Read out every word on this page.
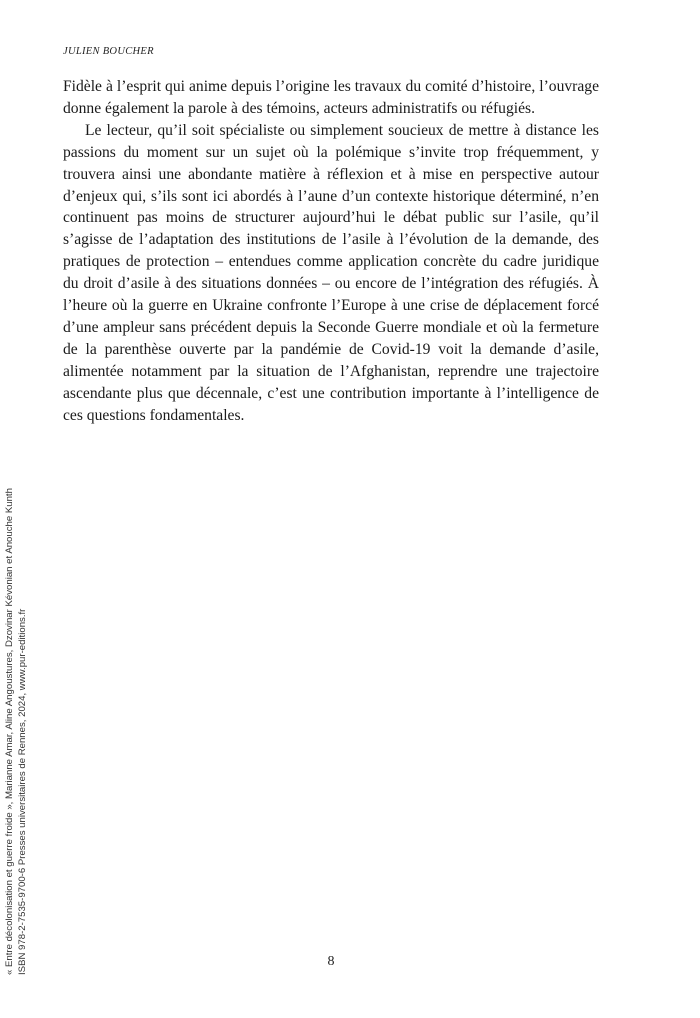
JULIEN BOUCHER

Fidèle à l’esprit qui anime depuis l’origine les travaux du comité d’histoire, l’ouvrage donne également la parole à des témoins, acteurs administratifs ou réfugiés.

Le lecteur, qu’il soit spécialiste ou simplement soucieux de mettre à distance les passions du moment sur un sujet où la polémique s’invite trop fréquemment, y trouvera ainsi une abondante matière à réflexion et à mise en perspective autour d’enjeux qui, s’ils sont ici abordés à l’aune d’un contexte historique déterminé, n’en continuent pas moins de structurer aujourd’hui le débat public sur l’asile, qu’il s’agisse de l’adaptation des institutions de l’asile à l’évolution de la demande, des pratiques de protection – entendues comme application concrète du cadre juridique du droit d’asile à des situations données – ou encore de l’intégration des réfugiés. À l’heure où la guerre en Ukraine confronte l’Europe à une crise de déplacement forcé d’une ampleur sans précédent depuis la Seconde Guerre mondiale et où la fermeture de la parenthèse ouverte par la pandémie de Covid-19 voit la demande d’asile, alimentée notamment par la situation de l’Afghanistan, reprendre une trajectoire ascendante plus que décennale, c’est une contribution importante à l’intelligence de ces questions fondamentales.

« Entre décolonisation et guerre froide », Marianne Amar, Aline Angoustures, Dzovinar Kévonian et Anouche Kunth ISBN 978-2-7535-9700-6 Presses universitaires de Rennes, 2024, www.pur-editions.fr	8
